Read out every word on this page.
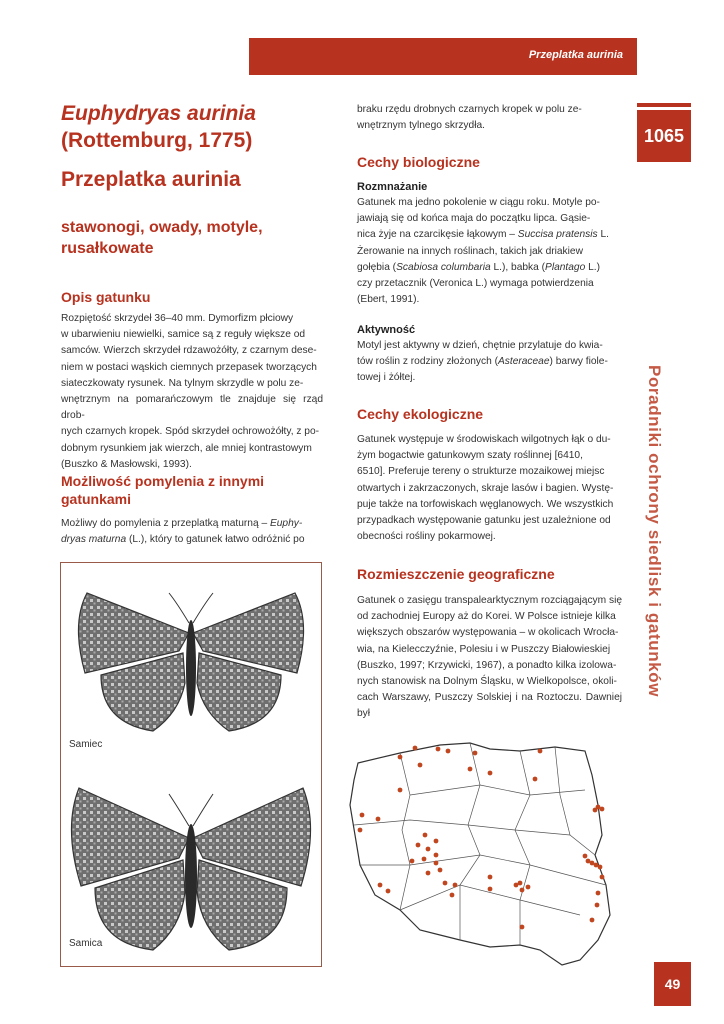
Przeplatka aurinia
1065
Poradniki ochrony siedlisk i gatunków
49
Euphydryas aurinia
(Rottemburg, 1775)
Przeplatka aurinia
stawonogi, owady, motyle,
rusałkowate
Opis gatunku
Rozpiętość skrzydeł 36–40 mm. Dymorfizm płciowy
w ubarwieniu niewielki, samice są z reguły większe od
samców. Wierzch skrzydeł rdzawożółty, z czarnym dese-
niem w postaci wąskich ciemnych przepasek tworzących
siateczkowaty rysunek. Na tylnym skrzydle w polu ze-
wnętrznym na pomarańczowym tle znajduje się rząd drob-
nych czarnych kropek. Spód skrzydeł ochrowożółty, z po-
dobnym rysunkiem jak wierzch, ale mniej kontrastowym
(Buszko & Masłowski, 1993).
Możliwość pomylenia z innymi
gatunkami
Możliwy do pomylenia z przeplatką maturną – Euphy-
dryas maturna (L.), który to gatunek łatwo odróżnić po
Samiec
Samica
braku rzędu drobnych czarnych kropek w polu ze-
wnętrznym tylnego skrzydła.
Cechy biologiczne
Rozmnażanie
Gatunek ma jedno pokolenie w ciągu roku. Motyle po-
jawiają się od końca maja do początku lipca. Gąsie-
nica żyje na czarcikęsie łąkowym – Succisa pratensis L.
Żerowanie na innych roślinach, takich jak driakiew
gołębia (Scabiosa columbaria L.), babka (Plantago L.)
czy przetacznik (Veronica L.) wymaga potwierdzenia
(Ebert, 1991).
Aktywność
Motyl jest aktywny w dzień, chętnie przylatuje do kwia-
tów roślin z rodziny złożonych (Asteraceae) barwy fiole-
towej i żółtej.
Cechy ekologiczne
Gatunek występuje w środowiskach wilgotnych łąk o du-
żym bogactwie gatunkowym szaty roślinnej [6410,
6510]. Preferuje tereny o strukturze mozaikowej miejsc
otwartych i zakrzaczonych, skraje lasów i bagien. Wystę-
puje także na torfowiskach węglanowych. We wszystkich
przypadkach występowanie gatunku jest uzależnione od
obecności rośliny pokarmowej.
Rozmieszczenie geograficzne
Gatunek o zasięgu transpalearktycznym rozciągającym się
od zachodniej Europy aż do Korei. W Polsce istnieje kilka
większych obszarów występowania – w okolicach Wrocła-
wia, na Kielecczyźnie, Polesiu i w Puszczy Białowieskiej
(Buszko, 1997; Krzywicki, 1967), a ponadto kilka izolowa-
nych stanowisk na Dolnym Śląsku, w Wielkopolsce, okoli-
cach Warszawy, Puszczy Solskiej i na Roztoczu. Dawniej był
